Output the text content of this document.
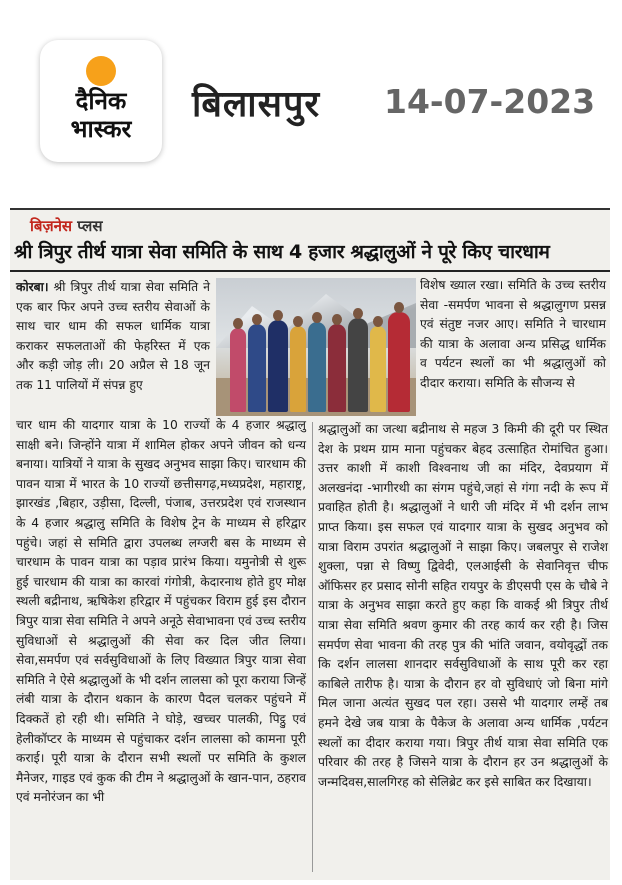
दैनिक
भास्कर
बिलासपुर 14-07-2023
बिज़नेस प्लस
श्री त्रिपुर तीर्थ यात्रा सेवा समिति के साथ 4 हजार श्रद्धालुओं ने पूरे किए चारधाम
कोरबा। श्री त्रिपुर तीर्थ यात्रा सेवा समिति ने एक बार फिर अपने उच्च स्तरीय सेवाओं के साथ चार धाम की सफल धार्मिक यात्रा कराकर सफलताओं की फेहरिस्त में एक और कड़ी जोड़ ली। 20 अप्रैल से 18 जून तक 11 पालियों में संपन्न हुए
विशेष ख्याल रखा। समिति के उच्च स्तरीय सेवा -समर्पण भावना से श्रद्धालुगण प्रसन्न एवं संतुष्ट नजर आए। समिति ने चारधाम की यात्रा के अलावा अन्य प्रसिद्ध धार्मिक व पर्यटन स्थलों का भी श्रद्धालुओं को दीदार कराया। समिति के सौजन्य से
चार धाम की यादगार यात्रा के 10 राज्यों के 4 हजार श्रद्धालु साक्षी बने। जिन्होंने यात्रा में शामिल होकर अपने जीवन को धन्य बनाया। यात्रियों ने यात्रा के सुखद अनुभव साझा किए। चारधाम की पावन यात्रा में भारत के 10 राज्यों छत्तीसगढ़,मध्यप्रदेश, महाराष्ट्र, झारखंड ,बिहार, उड़ीसा, दिल्ली, पंजाब, उत्तरप्रदेश एवं राजस्थान के 4 हजार श्रद्धालु समिति के विशेष ट्रेन के माध्यम से हरिद्वार पहुंचे। जहां से समिति द्वारा उपलब्ध लग्जरी बस के माध्यम से चारधाम के पावन यात्रा का पड़ाव प्रारंभ किया। यमुनोत्री से शुरू हुई चारधाम की यात्रा का कारवां गंगोत्री, केदारनाथ होते हुए मोक्ष स्थली बद्रीनाथ, ऋषिकेश हरिद्वार में पहुंचकर विराम हुई इस दौरान त्रिपुर यात्रा सेवा समिति ने अपने अनूठे सेवाभावना एवं उच्च स्तरीय सुविधाओं से श्रद्धालुओं की सेवा कर दिल जीत लिया। सेवा,समर्पण एवं सर्वसुविधाओं के लिए विख्यात त्रिपुर यात्रा सेवा समिति ने ऐसे श्रद्धालुओं के भी दर्शन लालसा को पूरा कराया जिन्हें लंबी यात्रा के दौरान थकान के कारण पैदल चलकर पहुंचने में दिक्कतें हो रही थी। समिति ने घोड़े, खच्चर पालकी, पिट्ठु एवं हेलीकॉप्टर के माध्यम से पहुंचाकर दर्शन लालसा को कामना पूरी कराई। पूरी यात्रा के दौरान सभी स्थलों पर समिति के कुशल मैनेजर, गाइड एवं कुक की टीम ने श्रद्धालुओं के खान-पान, ठहराव एवं मनोरंजन का भी
श्रद्धालुओं का जत्था बद्रीनाथ से महज 3 किमी की दूरी पर स्थित देश के प्रथम ग्राम माना पहुंचकर बेहद उत्साहित रोमांचित हुआ। उत्तर काशी में काशी विश्वनाथ जी का मंदिर, देवप्रयाग में अलखनंदा -भागीरथी का संगम पहुंचे,जहां से गंगा नदी के रूप में प्रवाहित होती है। श्रद्धालुओं ने धारी जी मंदिर में भी दर्शन लाभ प्राप्त किया। इस सफल एवं यादगार यात्रा के सुखद अनुभव को यात्रा विराम उपरांत श्रद्धालुओं ने साझा किए। जबलपुर से राजेश शुक्ला, पन्ना से विष्णु द्विवेदी, एलआईसी के सेवानिवृत्त चीफ ऑफिसर हर प्रसाद सोनी सहित रायपुर के डीएसपी एस के चौबे ने यात्रा के अनुभव साझा करते हुए कहा कि वाकई श्री त्रिपुर तीर्थ यात्रा सेवा समिति श्रवण कुमार की तरह कार्य कर रही है। जिस समर्पण सेवा भावना की तरह पुत्र की भांति जवान, वयोवृद्धों तक कि दर्शन लालसा शानदार सर्वसुविधाओं के साथ पूरी कर रहा काबिले तारीफ है। यात्रा के दौरान हर वो सुविधाएं जो बिना मांगे मिल जाना अत्यंत सुखद पल रहा। उससे भी यादगार लम्हें तब हमने देखे जब यात्रा के पैकेज के अलावा अन्य धार्मिक ,पर्यटन स्थलों का दीदार कराया गया। त्रिपुर तीर्थ यात्रा सेवा समिति एक परिवार की तरह है जिसने यात्रा के दौरान हर उन श्रद्धालुओं के जन्मदिवस,सालगिरह को सेलिब्रेट कर इसे साबित कर दिखाया।
